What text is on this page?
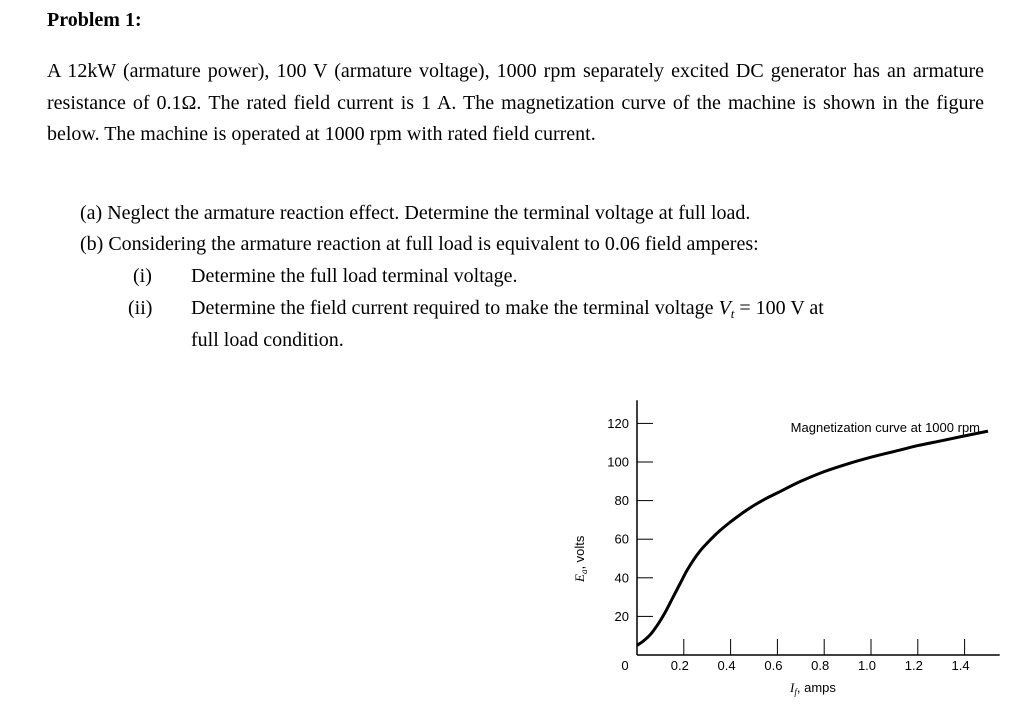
Problem 1:
A 12kW (armature power), 100 V (armature voltage), 1000 rpm separately excited DC generator has an armature resistance of 0.1Ω. The rated field current is 1 A. The magnetization curve of the machine is shown in the figure below. The machine is operated at 1000 rpm with rated field current.
(a) Neglect the armature reaction effect. Determine the terminal voltage at full load.
(b) Considering the armature reaction at full load is equivalent to 0.06 field amperes:
(i) Determine the full load terminal voltage.
(ii) Determine the field current required to make the terminal voltage $V_t = 100$ V at
full load condition.
20
40
60
80
100
120
0.2 0.4 0.6 0.8 1.0 1.2 1.4
Magnetization curve at 1000 rpm
0
$I_f$, amps
$E_a$, volts
